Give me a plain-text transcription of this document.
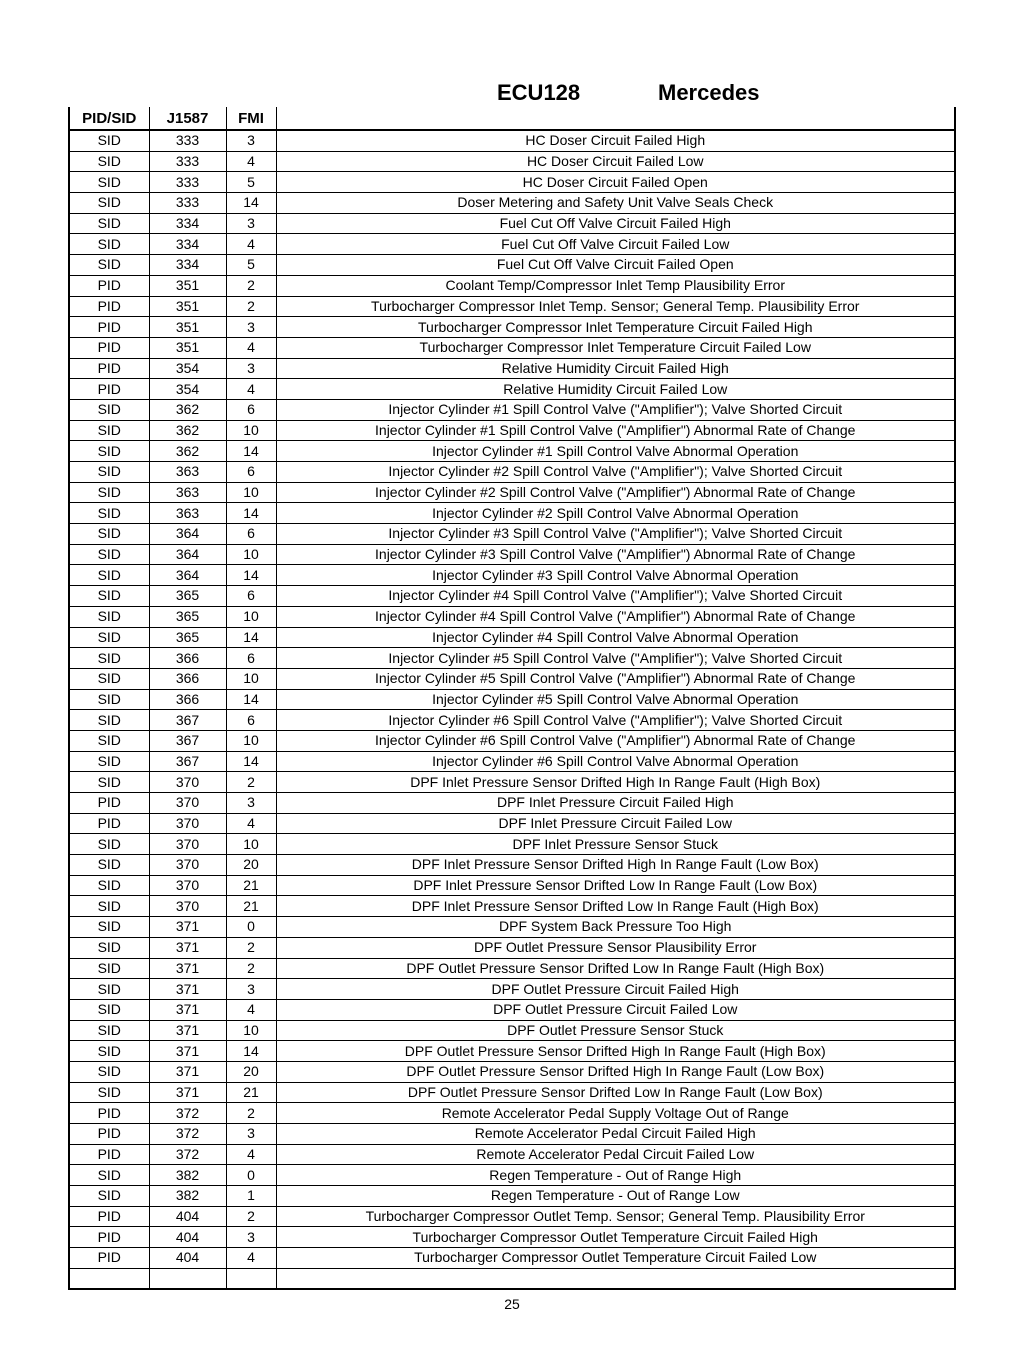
ECU128	Mercedes
PID/SID	J1587	FMI	
SID	333	3	HC Doser Circuit Failed High
SID	333	4	HC Doser Circuit Failed Low
SID	333	5	HC Doser Circuit Failed Open
SID	333	14	Doser Metering and Safety Unit Valve Seals Check
SID	334	3	Fuel Cut Off Valve Circuit Failed High
SID	334	4	Fuel Cut Off Valve Circuit Failed Low
SID	334	5	Fuel Cut Off Valve Circuit Failed Open
PID	351	2	Coolant Temp/Compressor Inlet Temp Plausibility Error
PID	351	2	Turbocharger Compressor Inlet Temp. Sensor; General Temp. Plausibility Error
PID	351	3	Turbocharger Compressor Inlet Temperature Circuit Failed High
PID	351	4	Turbocharger Compressor Inlet Temperature Circuit Failed Low
PID	354	3	Relative Humidity Circuit Failed High
PID	354	4	Relative Humidity Circuit Failed Low
SID	362	6	Injector Cylinder #1 Spill Control Valve ("Amplifier"); Valve Shorted Circuit
SID	362	10	Injector Cylinder #1 Spill Control Valve ("Amplifier") Abnormal Rate of Change
SID	362	14	Injector Cylinder #1 Spill Control Valve Abnormal Operation
SID	363	6	Injector Cylinder #2 Spill Control Valve ("Amplifier"); Valve Shorted Circuit
SID	363	10	Injector Cylinder #2 Spill Control Valve ("Amplifier") Abnormal Rate of Change
SID	363	14	Injector Cylinder #2 Spill Control Valve Abnormal Operation
SID	364	6	Injector Cylinder #3 Spill Control Valve ("Amplifier"); Valve Shorted Circuit
SID	364	10	Injector Cylinder #3 Spill Control Valve ("Amplifier") Abnormal Rate of Change
SID	364	14	Injector Cylinder #3 Spill Control Valve Abnormal Operation
SID	365	6	Injector Cylinder #4 Spill Control Valve ("Amplifier"); Valve Shorted Circuit
SID	365	10	Injector Cylinder #4 Spill Control Valve ("Amplifier") Abnormal Rate of Change
SID	365	14	Injector Cylinder #4 Spill Control Valve Abnormal Operation
SID	366	6	Injector Cylinder #5 Spill Control Valve ("Amplifier"); Valve Shorted Circuit
SID	366	10	Injector Cylinder #5 Spill Control Valve ("Amplifier") Abnormal Rate of Change
SID	366	14	Injector Cylinder #5 Spill Control Valve Abnormal Operation
SID	367	6	Injector Cylinder #6 Spill Control Valve ("Amplifier"); Valve Shorted Circuit
SID	367	10	Injector Cylinder #6 Spill Control Valve ("Amplifier") Abnormal Rate of Change
SID	367	14	Injector Cylinder #6 Spill Control Valve Abnormal Operation
SID	370	2	DPF Inlet Pressure Sensor Drifted High In Range Fault (High Box)
PID	370	3	DPF Inlet Pressure Circuit Failed High
PID	370	4	DPF Inlet Pressure Circuit Failed Low
SID	370	10	DPF Inlet Pressure Sensor Stuck
SID	370	20	DPF Inlet Pressure Sensor Drifted High In Range Fault (Low Box)
SID	370	21	DPF Inlet Pressure Sensor Drifted Low In Range Fault (Low Box)
SID	370	21	DPF Inlet Pressure Sensor Drifted Low In Range Fault (High Box)
SID	371	0	DPF System Back Pressure Too High
SID	371	2	DPF Outlet Pressure Sensor Plausibility Error
SID	371	2	DPF Outlet Pressure Sensor Drifted Low In Range Fault (High Box)
SID	371	3	DPF Outlet Pressure Circuit Failed High
SID	371	4	DPF Outlet Pressure Circuit Failed Low
SID	371	10	DPF Outlet Pressure Sensor Stuck
SID	371	14	DPF Outlet Pressure Sensor Drifted High In Range Fault (High Box)
SID	371	20	DPF Outlet Pressure Sensor Drifted High In Range Fault (Low Box)
SID	371	21	DPF Outlet Pressure Sensor Drifted Low In Range Fault (Low Box)
PID	372	2	Remote Accelerator Pedal Supply Voltage Out of Range
PID	372	3	Remote Accelerator Pedal Circuit Failed High
PID	372	4	Remote Accelerator Pedal Circuit Failed Low
SID	382	0	Regen Temperature - Out of Range High
SID	382	1	Regen Temperature - Out of Range Low
PID	404	2	Turbocharger Compressor Outlet Temp. Sensor; General Temp. Plausibility Error
PID	404	3	Turbocharger Compressor Outlet Temperature Circuit Failed High
PID	404	4	Turbocharger Compressor Outlet Temperature Circuit Failed Low

25
